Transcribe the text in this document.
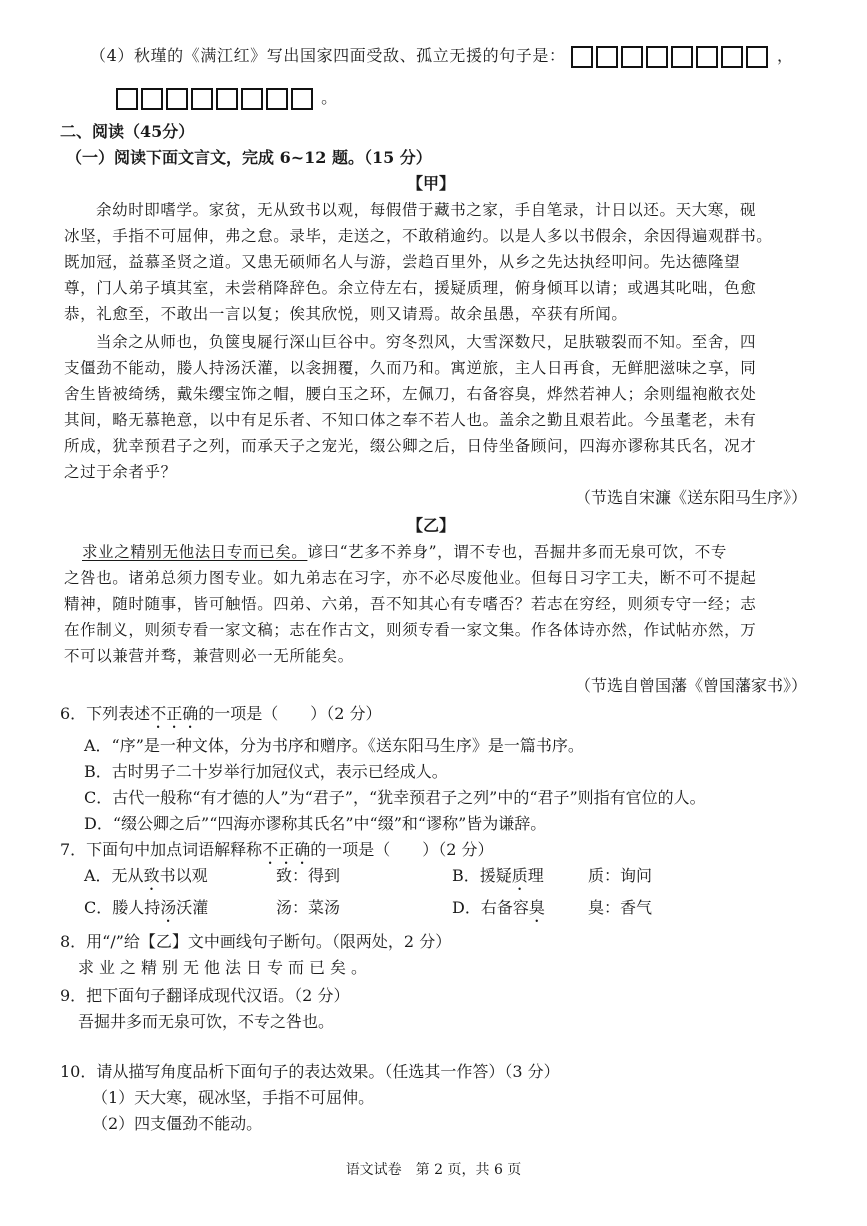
（4）秋瑾的《满江红》写出国家四面受敌、孤立无援的句子是：	，
。
二、阅读（45分）
（一）阅读下面文言文，完成 6~12 题。（15 分）
【甲】
余幼时即嗜学。家贫，无从致书以观，每假借于藏书之家，手自笔录，计日以还。天大寒，砚
冰坚，手指不可屈伸，弗之怠。录毕，走送之，不敢稍逾约。以是人多以书假余，余因得遍观群书。
既加冠，益慕圣贤之道。又患无硕师名人与游，尝趋百里外，从乡之先达执经叩问。先达德隆望
尊，门人弟子填其室，未尝稍降辞色。余立侍左右，援疑质理，俯身倾耳以请；或遇其叱咄，色愈
恭，礼愈至，不敢出一言以复；俟其欣悦，则又请焉。故余虽愚，卒获有所闻。
当余之从师也，负箧曳屣行深山巨谷中。穷冬烈风，大雪深数尺，足肤皲裂而不知。至舍，四
支僵劲不能动，媵人持汤沃灌，以衾拥覆，久而乃和。寓逆旅，主人日再食，无鲜肥滋味之享，同
舍生皆被绮绣，戴朱缨宝饰之帽，腰白玉之环，左佩刀，右备容臭，烨然若神人；余则缊袍敝衣处
其间，略无慕艳意，以中有足乐者、不知口体之奉不若人也。盖余之勤且艰若此。今虽耄老，未有
所成，犹幸预君子之列，而承天子之宠光，缀公卿之后，日侍坐备顾问，四海亦谬称其氏名，况才
之过于余者乎？
（节选自宋濂《送东阳马生序》）
【乙】
求业之精别无他法日专而已矣。谚曰“艺多不养身”，谓不专也，吾掘井多而无泉可饮，不专
之咎也。诸弟总须力图专业。如九弟志在习字，亦不必尽废他业。但每日习字工夫，断不可不提起
精神，随时随事，皆可触悟。四弟、六弟，吾不知其心有专嗜否？若志在穷经，则须专守一经；志
在作制义，则须专看一家文稿；志在作古文，则须专看一家文集。作各体诗亦然，作试帖亦然，万
不可以兼营并骛，兼营则必一无所能矣。
（节选自曾国藩《曾国藩家书》）
6．下列表述不正确的一项是（　　）（2 分）
A．“序”是一种文体，分为书序和赠序。《送东阳马生序》是一篇书序。
B．古时男子二十岁举行加冠仪式，表示已经成人。
C．古代一般称“有才德的人”为“君子”，“犹幸预君子之列”中的“君子”则指有官位的人。
D．“缀公卿之后”“四海亦谬称其氏名”中“缀”和“谬称”皆为谦辞。
7．下面句中加点词语解释称不正确的一项是（　　）（2 分）
A．无从致书以观	致：得到	B．援疑质理	质：询问
C．媵人持汤沃灌	汤：菜汤	D．右备容臭	臭：香气
8．用“/”给【乙】文中画线句子断句。（限两处，2 分）
求业之精别无他法日专而已矣。
9．把下面句子翻译成现代汉语。（2 分）
吾掘井多而无泉可饮，不专之咎也。
10．请从描写角度品析下面句子的表达效果。（任选其一作答）（3 分）
（1）天大寒，砚冰坚，手指不可屈伸。
（2）四支僵劲不能动。
语文试卷　第 2 页，共 6 页
